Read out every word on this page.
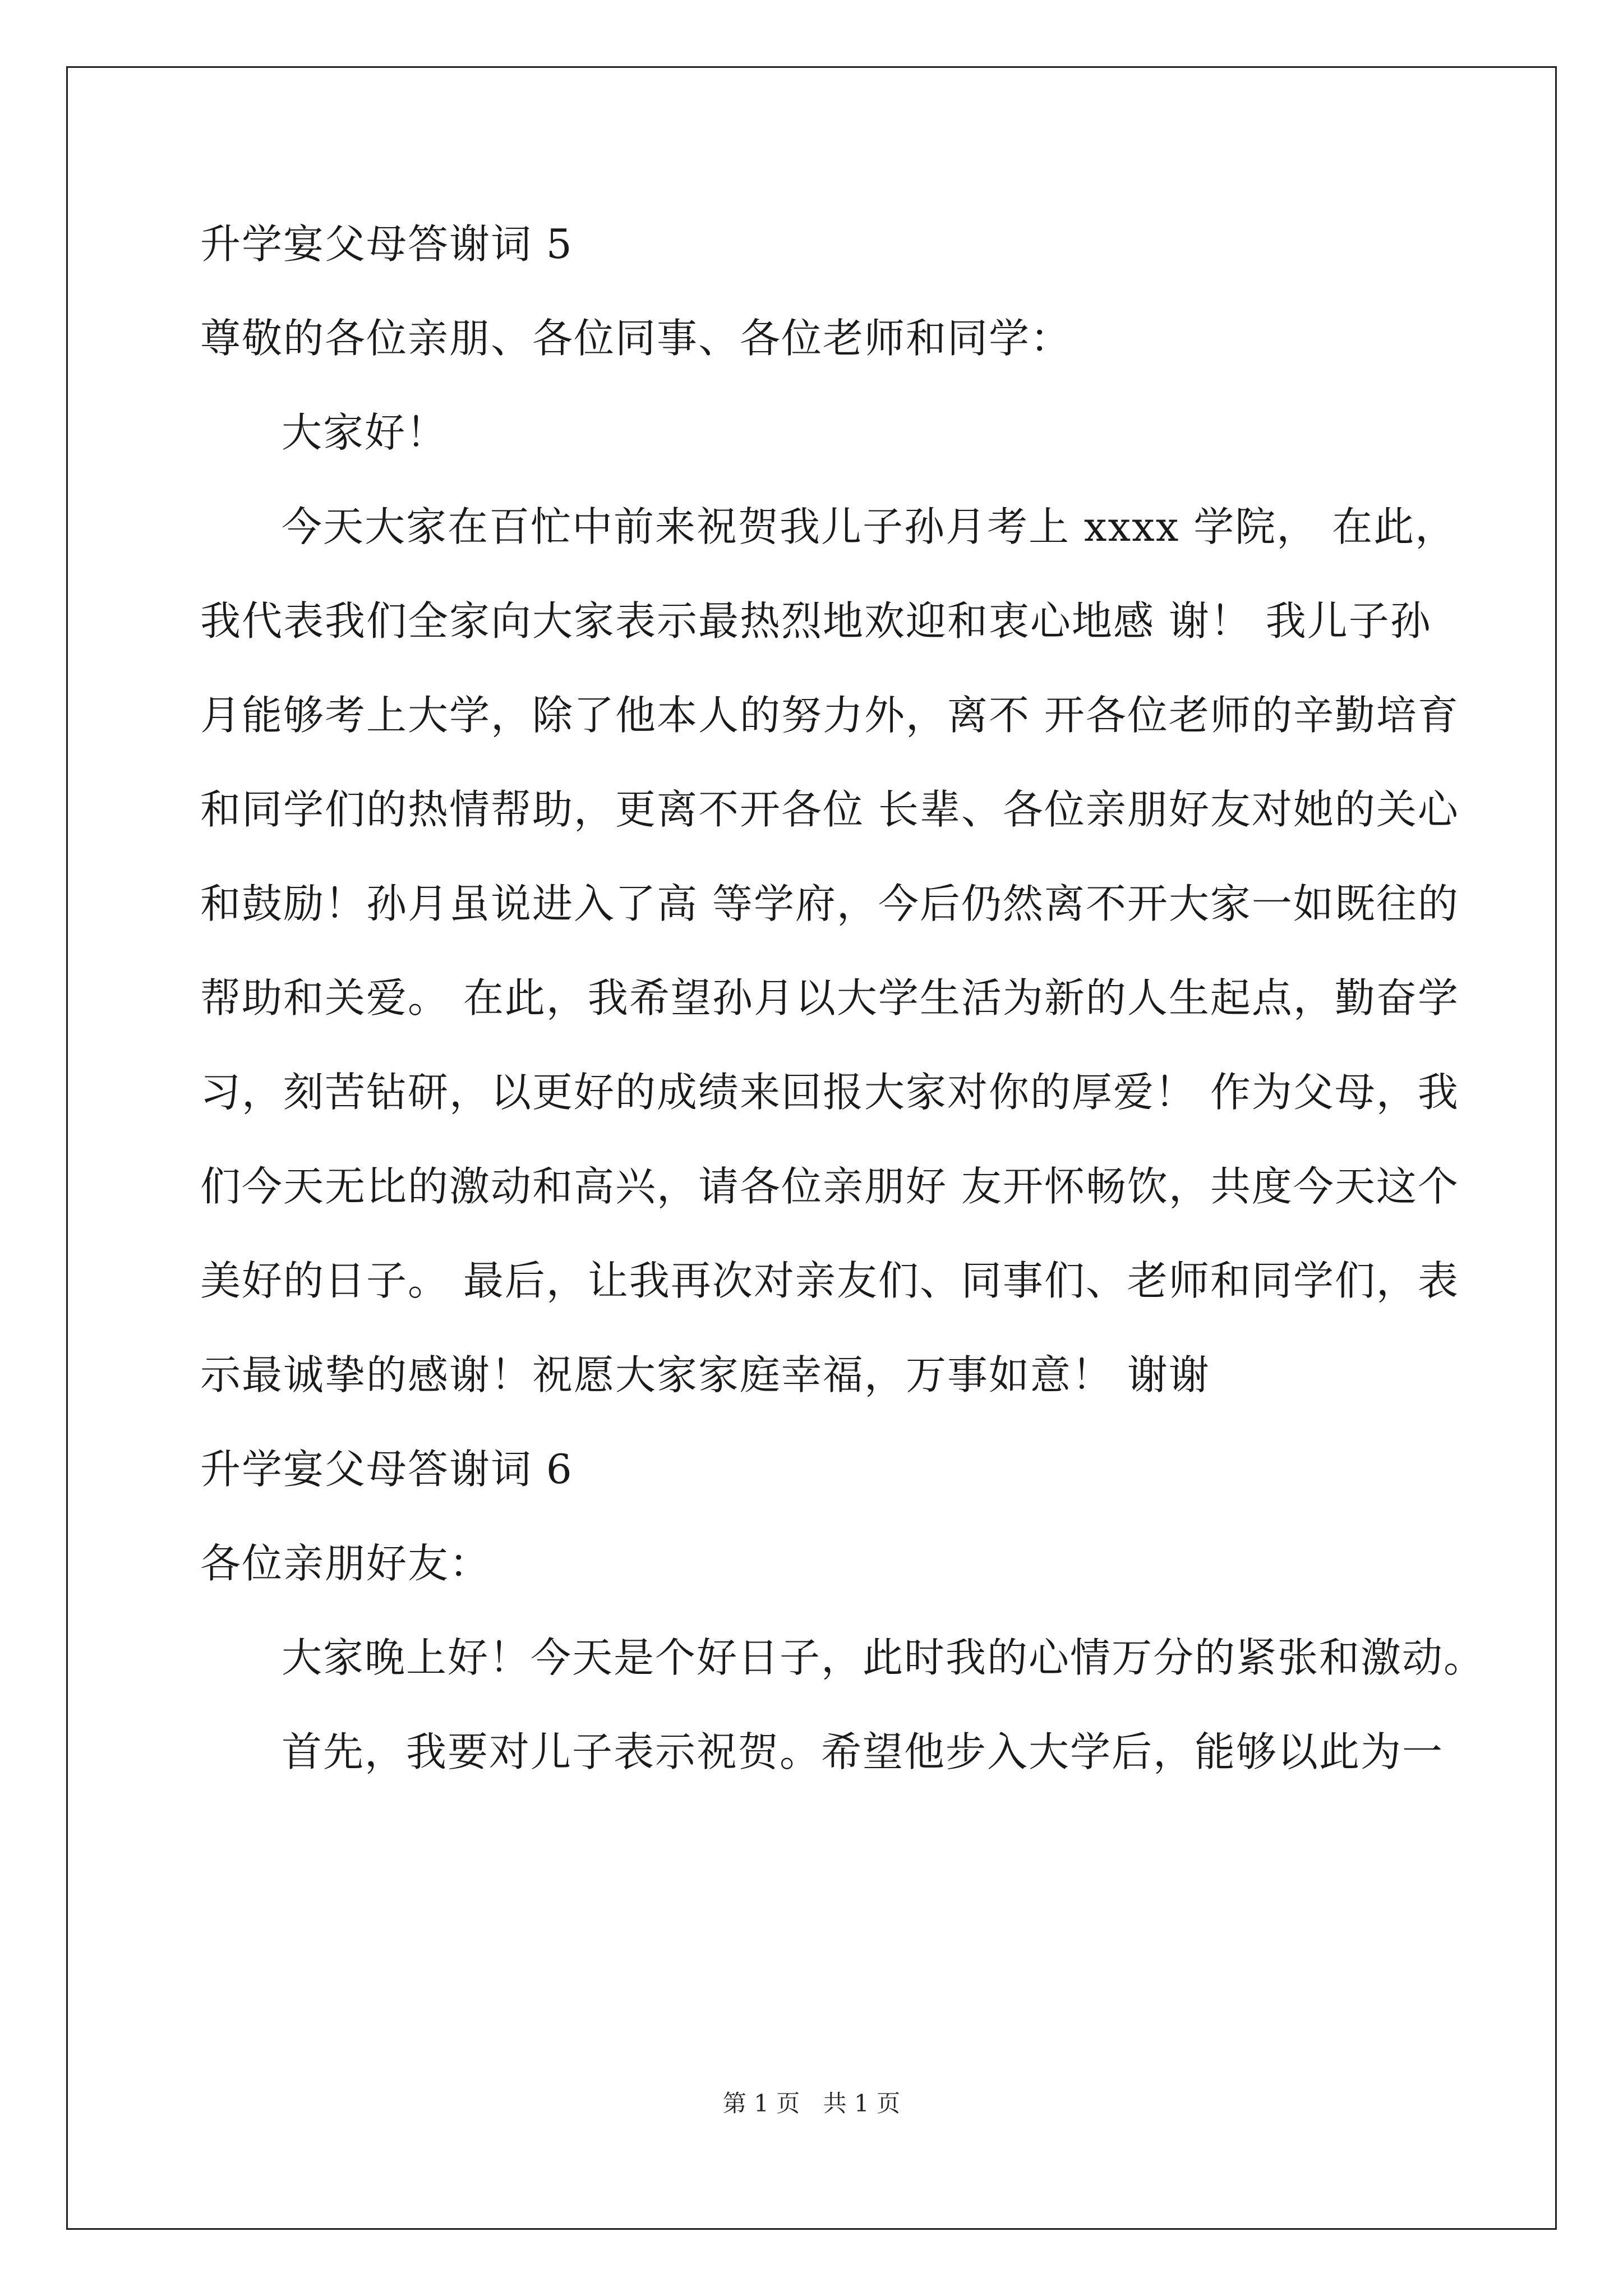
升学宴父母答谢词 5
尊敬的各位亲朋、各位同事、各位老师和同学：
大家好！
今天大家在百忙中前来祝贺我儿子孙月考上 xxxx 学院， 在此，
我代表我们全家向大家表示最热烈地欢迎和衷心地感 谢！ 我儿子孙
月能够考上大学，除了他本人的努力外，离不 开各位老师的辛勤培育
和同学们的热情帮助，更离不开各位 长辈、各位亲朋好友对她的关心
和鼓励！孙月虽说进入了高 等学府，今后仍然离不开大家一如既往的
帮助和关爱。 在此，我希望孙月以大学生活为新的人生起点，勤奋学
习，刻苦钻研，以更好的成绩来回报大家对你的厚爱！ 作为父母，我
们今天无比的激动和高兴，请各位亲朋好 友开怀畅饮，共度今天这个
美好的日子。 最后，让我再次对亲友们、同事们、老师和同学们，表
示最诚挚的感谢！祝愿大家家庭幸福，万事如意！ 谢谢
升学宴父母答谢词 6
各位亲朋好友：
大家晚上好！今天是个好日子，此时我的心情万分的紧张和激动。
首先，我要对儿子表示祝贺。希望他步入大学后，能够以此为一
第 1 页 共 1 页
